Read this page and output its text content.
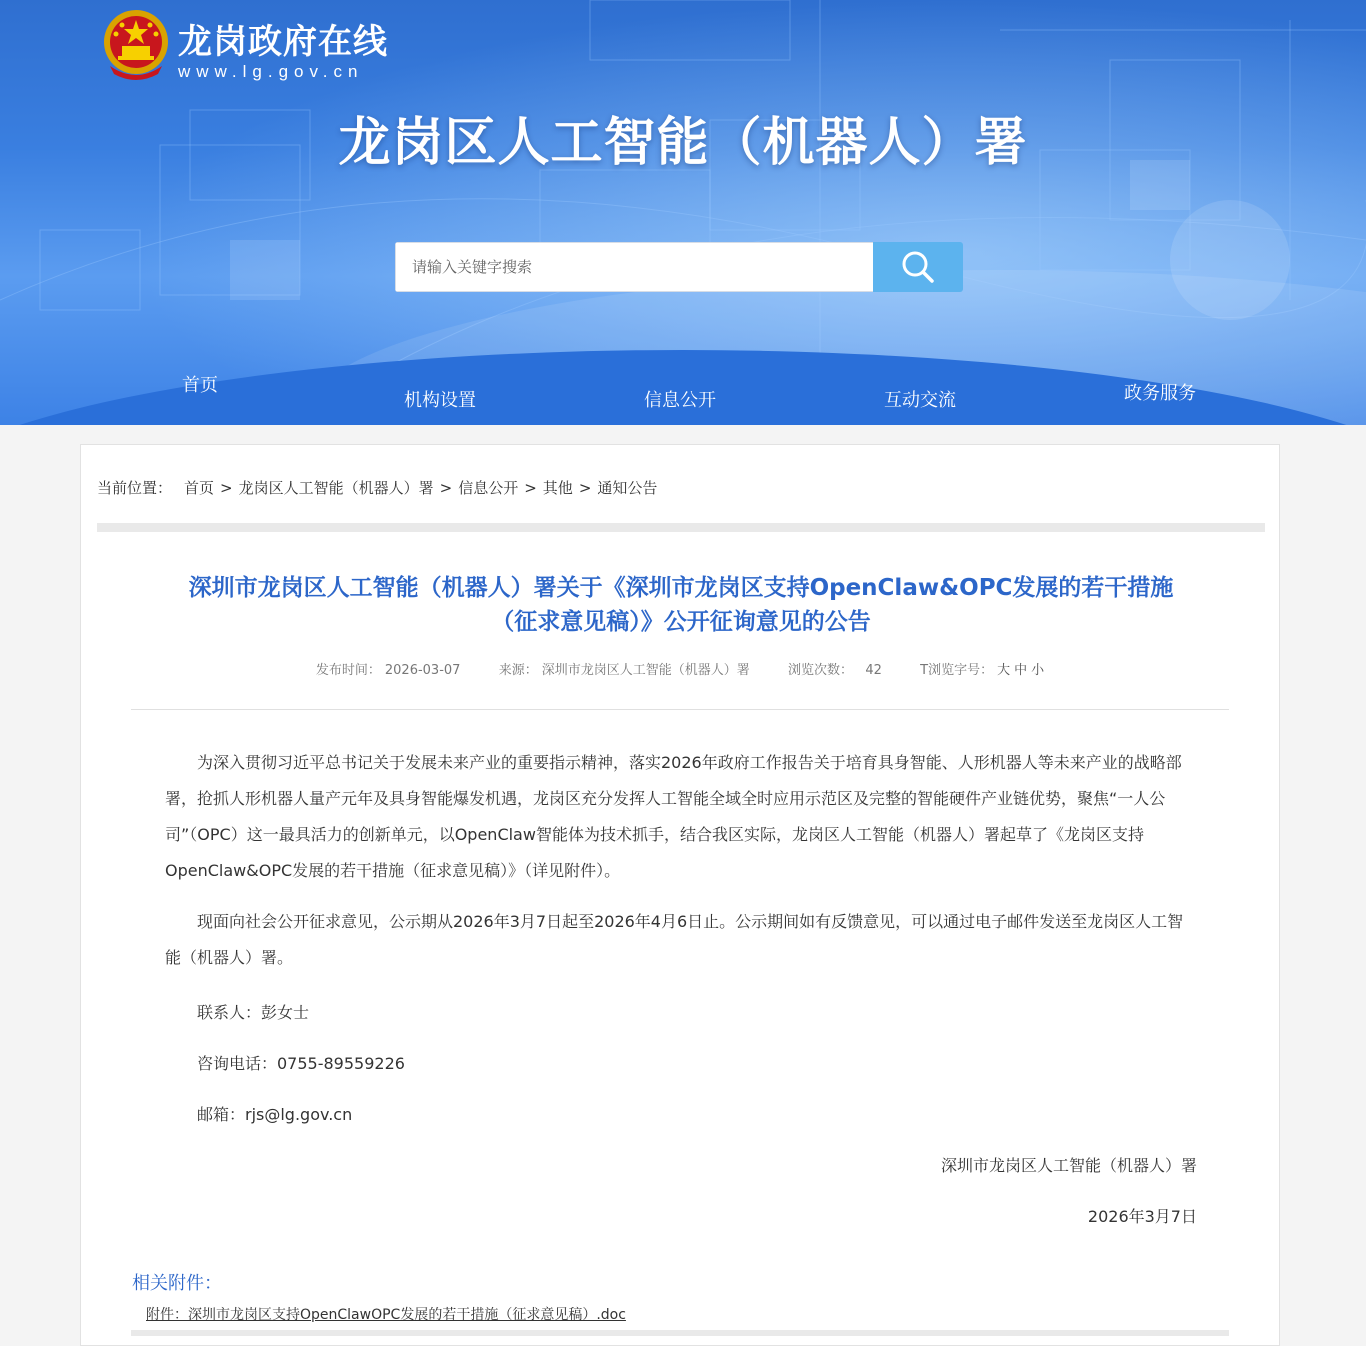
龙岗政府在线
www.lg.gov.cn
龙岗区人工智能（机器人）署
请输入关键字搜索
首页
机构设置	信息公开	互动交流	政务服务
当前位置： 首页 > 龙岗区人工智能（机器人）署 > 信息公开 > 其他 > 通知公告
深圳市龙岗区人工智能（机器人）署关于《深圳市龙岗区支持OpenClaw&OPC发展的若干措施
（征求意见稿）》公开征询意见的公告
发布时间： 2026-03-07	来源： 深圳市龙岗区人工智能（机器人）署	浏览次数： 42	T浏览字号： 大 中 小
为深入贯彻习近平总书记关于发展未来产业的重要指示精神，落实2026年政府工作报告关于培育具身智能、人形机器人等未来产业的战略部署，抢抓人形机器人量产元年及具身智能爆发机遇，龙岗区充分发挥人工智能全域全时应用示范区及完整的智能硬件产业链优势，聚焦“一人公司”（OPC）这一最具活力的创新单元，以OpenClaw智能体为技术抓手，结合我区实际，龙岗区人工智能（机器人）署起草了《龙岗区支持OpenClaw&OPC发展的若干措施（征求意见稿）》（详见附件）。
现面向社会公开征求意见，公示期从2026年3月7日起至2026年4月6日止。公示期间如有反馈意见，可以通过电子邮件发送至龙岗区人工智能（机器人）署。
联系人：彭女士
咨询电话：0755-89559226
邮箱：rjs@lg.gov.cn
深圳市龙岗区人工智能（机器人）署
2026年3月7日
相关附件：
附件：深圳市龙岗区支持OpenClawOPC发展的若干措施（征求意见稿）.doc
